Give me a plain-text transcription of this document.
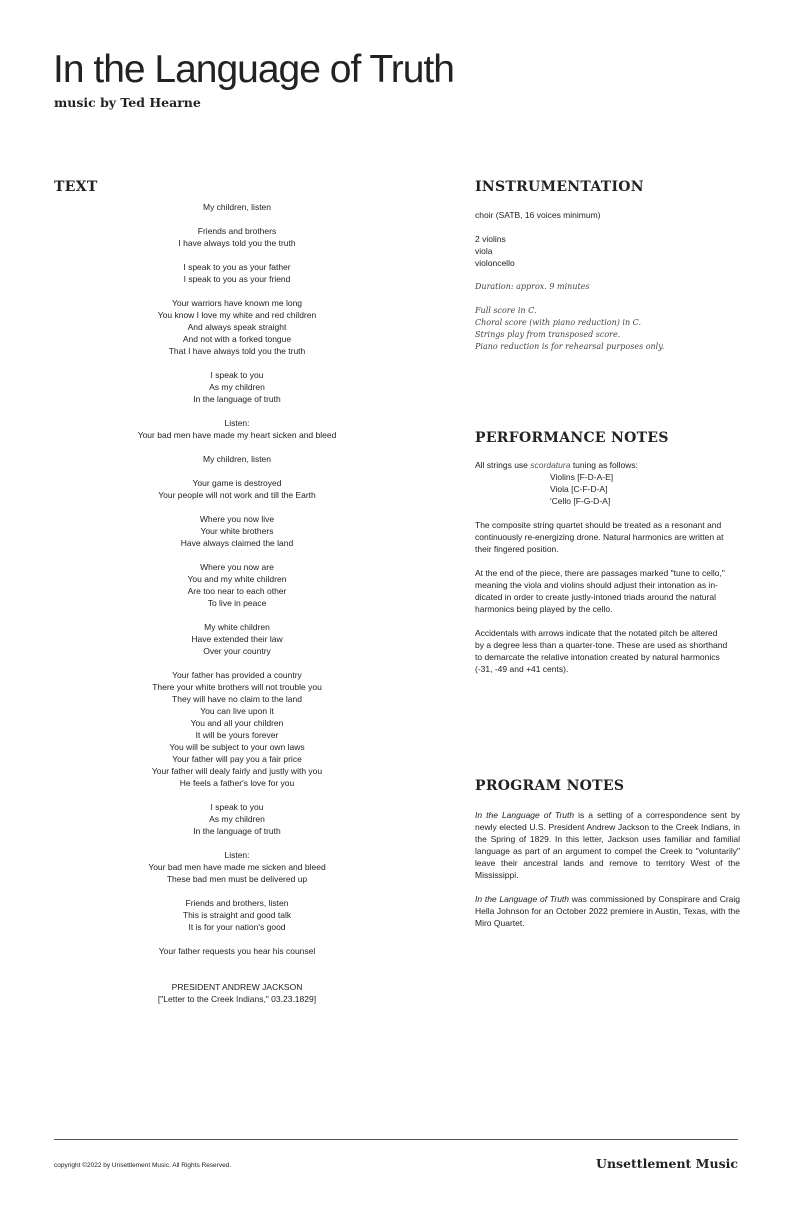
In the Language of Truth
music by Ted Hearne
TEXT
My children, listen
Friends and brothers
I have always told you the truth
I speak to you as your father
I speak to you as your friend
Your warriors have known me long
You know I love my white and red children
And always speak straight
And not with a forked tongue
That I have always told you the truth
I speak to you
As my children
In the language of truth
Listen:
Your bad men have made my heart sicken and bleed
My children, listen
Your game is destroyed
Your people will not work and till the Earth
Where you now live
Your white brothers
Have always claimed the land
Where you now are
You and my white children
Are too near to each other
To live in peace
My white children
Have extended their law
Over your country
Your father has provided a country
There your white brothers will not trouble you
They will have no claim to the land
You can live upon it
You and all your children
It will be yours forever
You will be subject to your own laws
Your father will pay you a fair price
Your father will dealy fairly and justly with you
He feels a father's love for you
I speak to you
As my children
In the language of truth
Listen:
Your bad men have made me sicken and bleed
These bad men must be delivered up
Friends and brothers, listen
This is straight and good talk
It is for your nation's good
Your father requests you hear his counsel
PRESIDENT ANDREW JACKSON
["Letter to the Creek Indians," 03.23.1829]
INSTRUMENTATION
choir (SATB, 16 voices minimum)
2 violins
viola
violoncello
Duration: approx. 9 minutes
Full score in C.
Choral score (with piano reduction) in C.
Strings play from transposed score.
Piano reduction is for rehearsal purposes only.
PERFORMANCE NOTES
All strings use scordatura tuning as follows:
Violins [F-D-A-E]
Viola [C-F-D-A]
'Cello [F-G-D-A]
The composite string quartet should be treated as a resonant and
continuously re-energizing drone. Natural harmonics are written at
their fingered position.
At the end of the piece, there are passages marked "tune to cello,"
meaning the viola and violins should adjust their intonation as in-
dicated in order to create justly-intoned triads around the natural
harmonics being played by the cello.
Accidentals with arrows indicate that the notated pitch be altered
by a degree less than a quarter-tone. These are used as shorthand
to demarcate the relative intonation created by natural harmonics
(-31, -49 and +41 cents).
PROGRAM NOTES
In the Language of Truth is a setting of a correspondence sent by newly elected U.S. President Andrew Jackson to the Creek Indians, in the Spring of 1829. In this letter, Jackson uses familiar and familial language as part of an argument to compel the Creek to "voluntarily" leave their ancestral lands and remove to territory West of the Mississippi.
In the Language of Truth was commissioned by Conspirare and Craig Hella Johnson for an October 2022 premiere in Austin, Texas, with the Miro Quartet.
copyright ©2022 by Unsettlement Music. All Rights Reserved.	Unsettlement Music
